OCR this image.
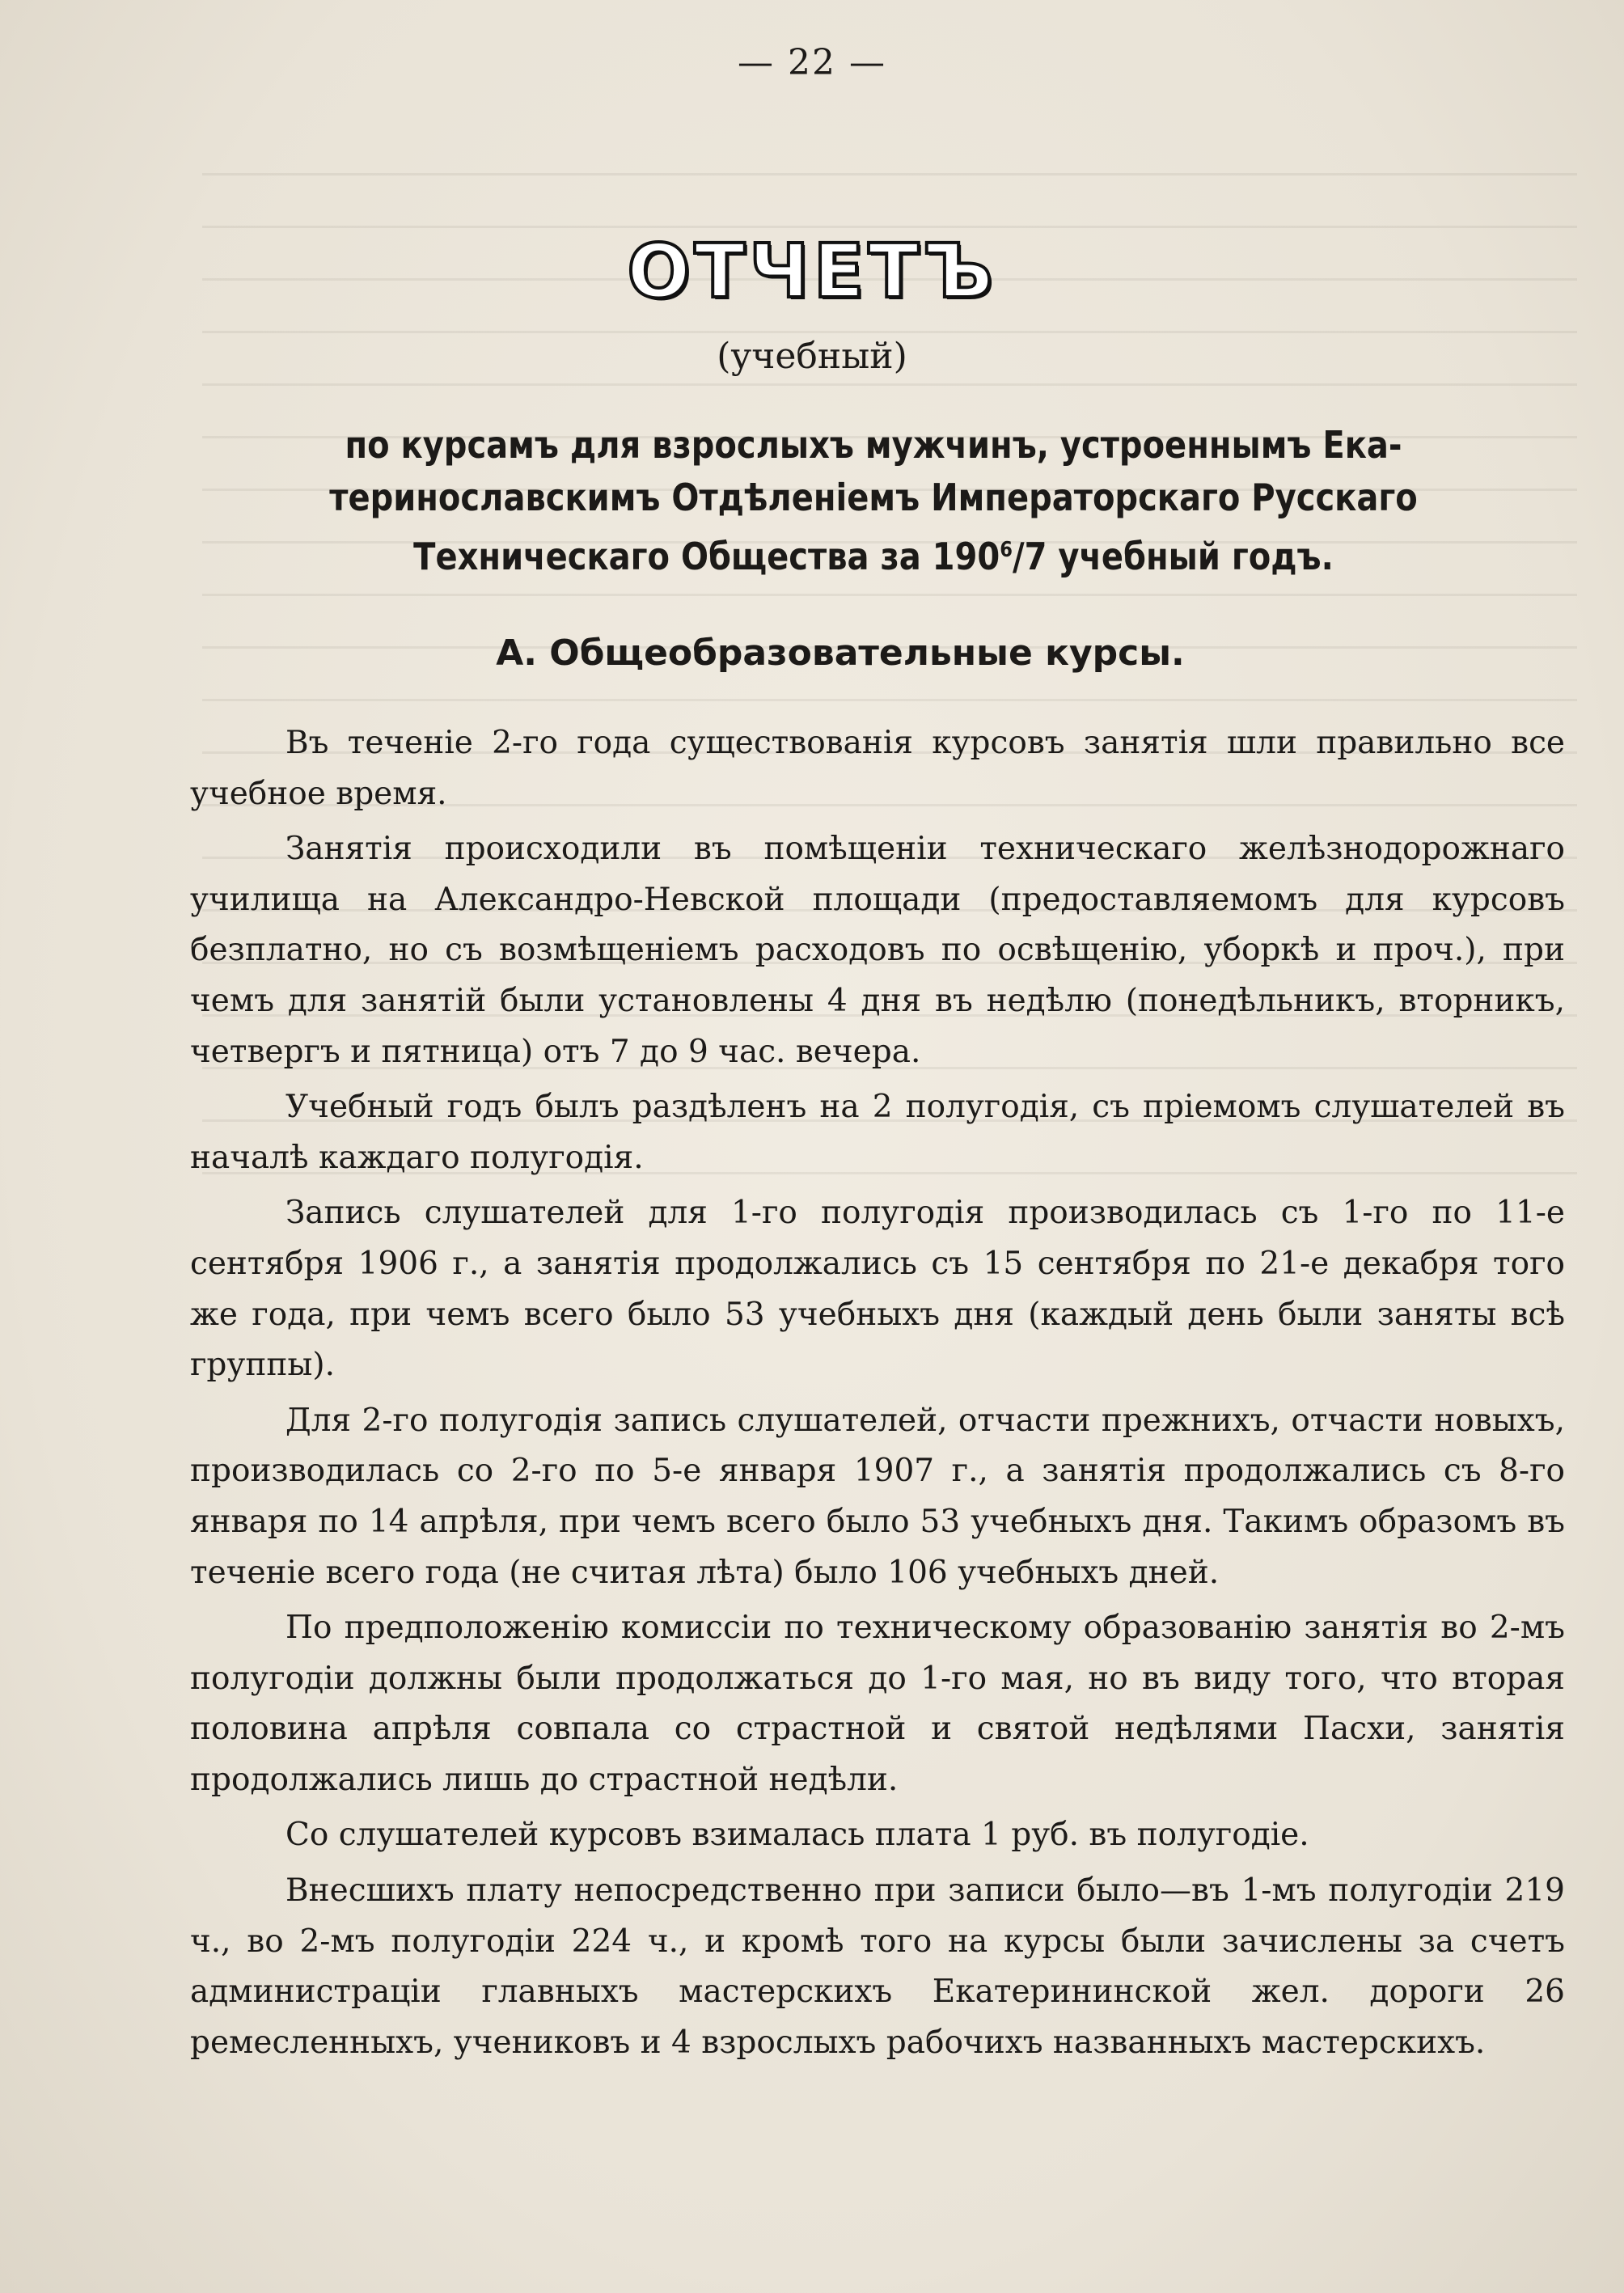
— 22 —
ОТЧЕТЪ
(учебный)
по курсамъ для взрослыхъ мужчинъ, устроеннымъ Ека-
теринославскимъ Отдѣленіемъ Императорскаго Русскаго
Техническаго Общества за $190^6/7$ учебный годъ.
А. Общеобразовательные курсы.

Въ теченіе 2-го года существованія курсовъ занятія шли правильно все учебное время.

Занятія происходили въ помѣщеніи техническаго желѣзнодорожнаго училища на Александро-Невской площади (предоставляемомъ для курсовъ безплатно, но съ возмѣщеніемъ расходовъ по освѣщенію, уборкѣ и проч.), при чемъ для занятій были установлены 4 дня въ недѣлю (понедѣльникъ, вторникъ, четвергъ и пятница) отъ 7 до 9 час. вечера.

Учебный годъ былъ раздѣленъ на 2 полугодія, съ пріемомъ слушателей въ началѣ каждаго полугодія.

Запись слушателей для 1-го полугодія производилась съ 1-го по 11-е сентября 1906 г., а занятія продолжались съ 15 сентября по 21-е декабря того же года, при чемъ всего было 53 учебныхъ дня (каждый день были заняты всѣ группы).

Для 2-го полугодія запись слушателей, отчасти прежнихъ, отчасти новыхъ, производилась со 2-го по 5-е января 1907 г., а занятія продолжались съ 8-го января по 14 апрѣля, при чемъ всего было 53 учебныхъ дня. Такимъ образомъ въ теченіе всего года (не считая лѣта) было 106 учебныхъ дней.

По предположенію комиссіи по техническому образованію занятія во 2-мъ полугодіи должны были продолжаться до 1-го мая, но въ виду того, что вторая половина апрѣля совпала со страстной и святой недѣлями Пасхи, занятія продолжались лишь до страстной недѣли.

Со слушателей курсовъ взималась плата 1 руб. въ полугодіе.

Внесшихъ плату непосредственно при записи было—въ 1-мъ полугодіи 219 ч., во 2-мъ полугодіи 224 ч., и кромѣ того на курсы были зачислены за счетъ администраціи главныхъ мастерскихъ Екатерининской жел. дороги 26 ремесленныхъ, учениковъ и 4 взрослыхъ рабочихъ названныхъ мастерскихъ.
